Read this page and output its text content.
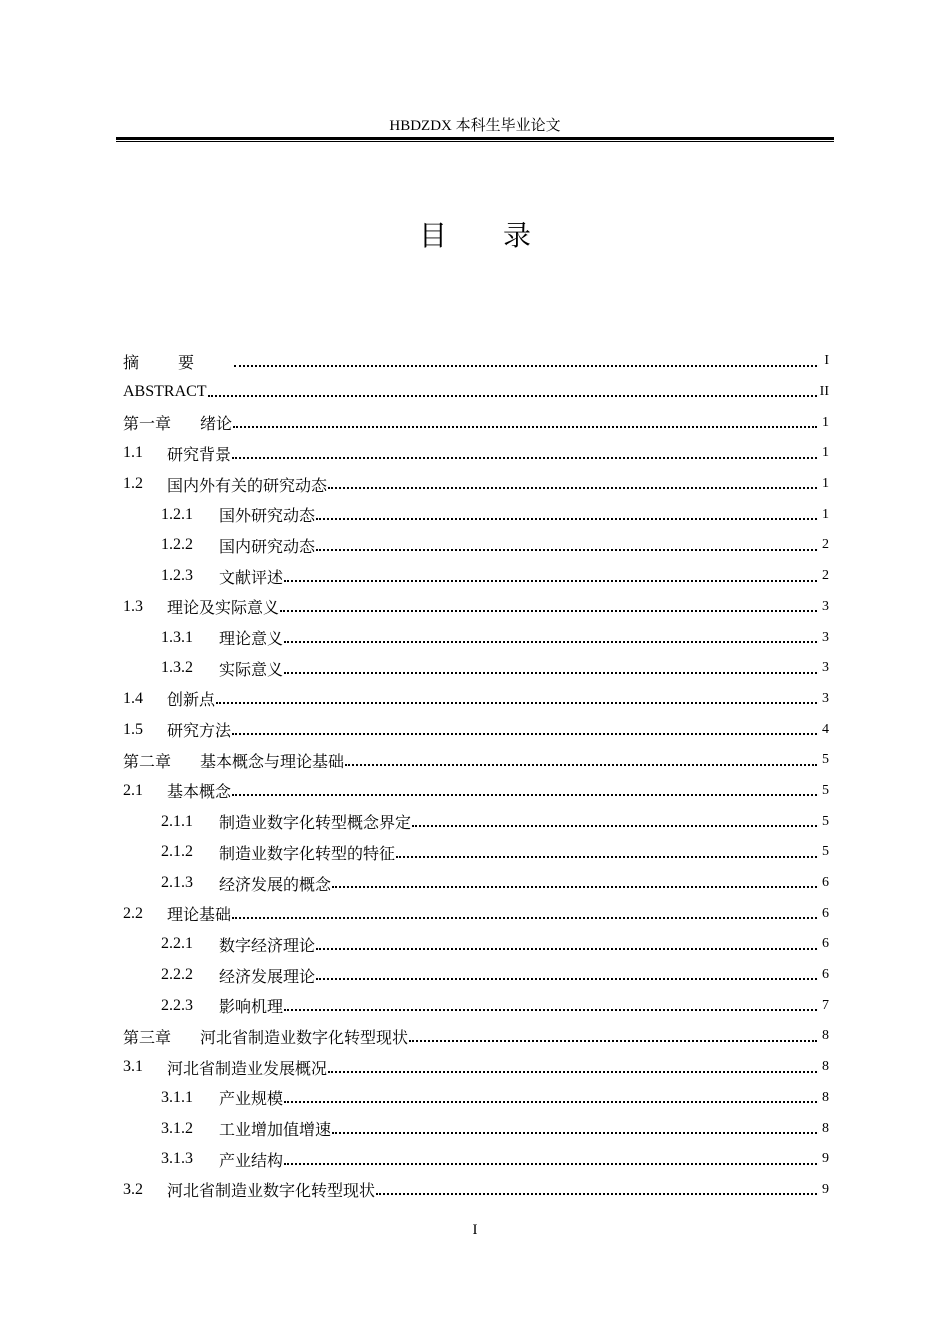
HBDZDX 本科生毕业论文
目录
摘要	I
ABSTRACT	II
第一章	绪论	1
1.1	研究背景	1
1.2	国内外有关的研究动态	1
1.2.1	国外研究动态	1
1.2.2	国内研究动态	2
1.2.3	文献评述	2
1.3	理论及实际意义	3
1.3.1	理论意义	3
1.3.2	实际意义	3
1.4	创新点	3
1.5	研究方法	4
第二章	基本概念与理论基础	5
2.1	基本概念	5
2.1.1	制造业数字化转型概念界定	5
2.1.2	制造业数字化转型的特征	5
2.1.3	经济发展的概念	6
2.2	理论基础	6
2.2.1	数字经济理论	6
2.2.2	经济发展理论	6
2.2.3	影响机理	7
第三章	河北省制造业数字化转型现状	8
3.1	河北省制造业发展概况	8
3.1.1	产业规模	8
3.1.2	工业增加值增速	8
3.1.3	产业结构	9
3.2	河北省制造业数字化转型现状	9
I
